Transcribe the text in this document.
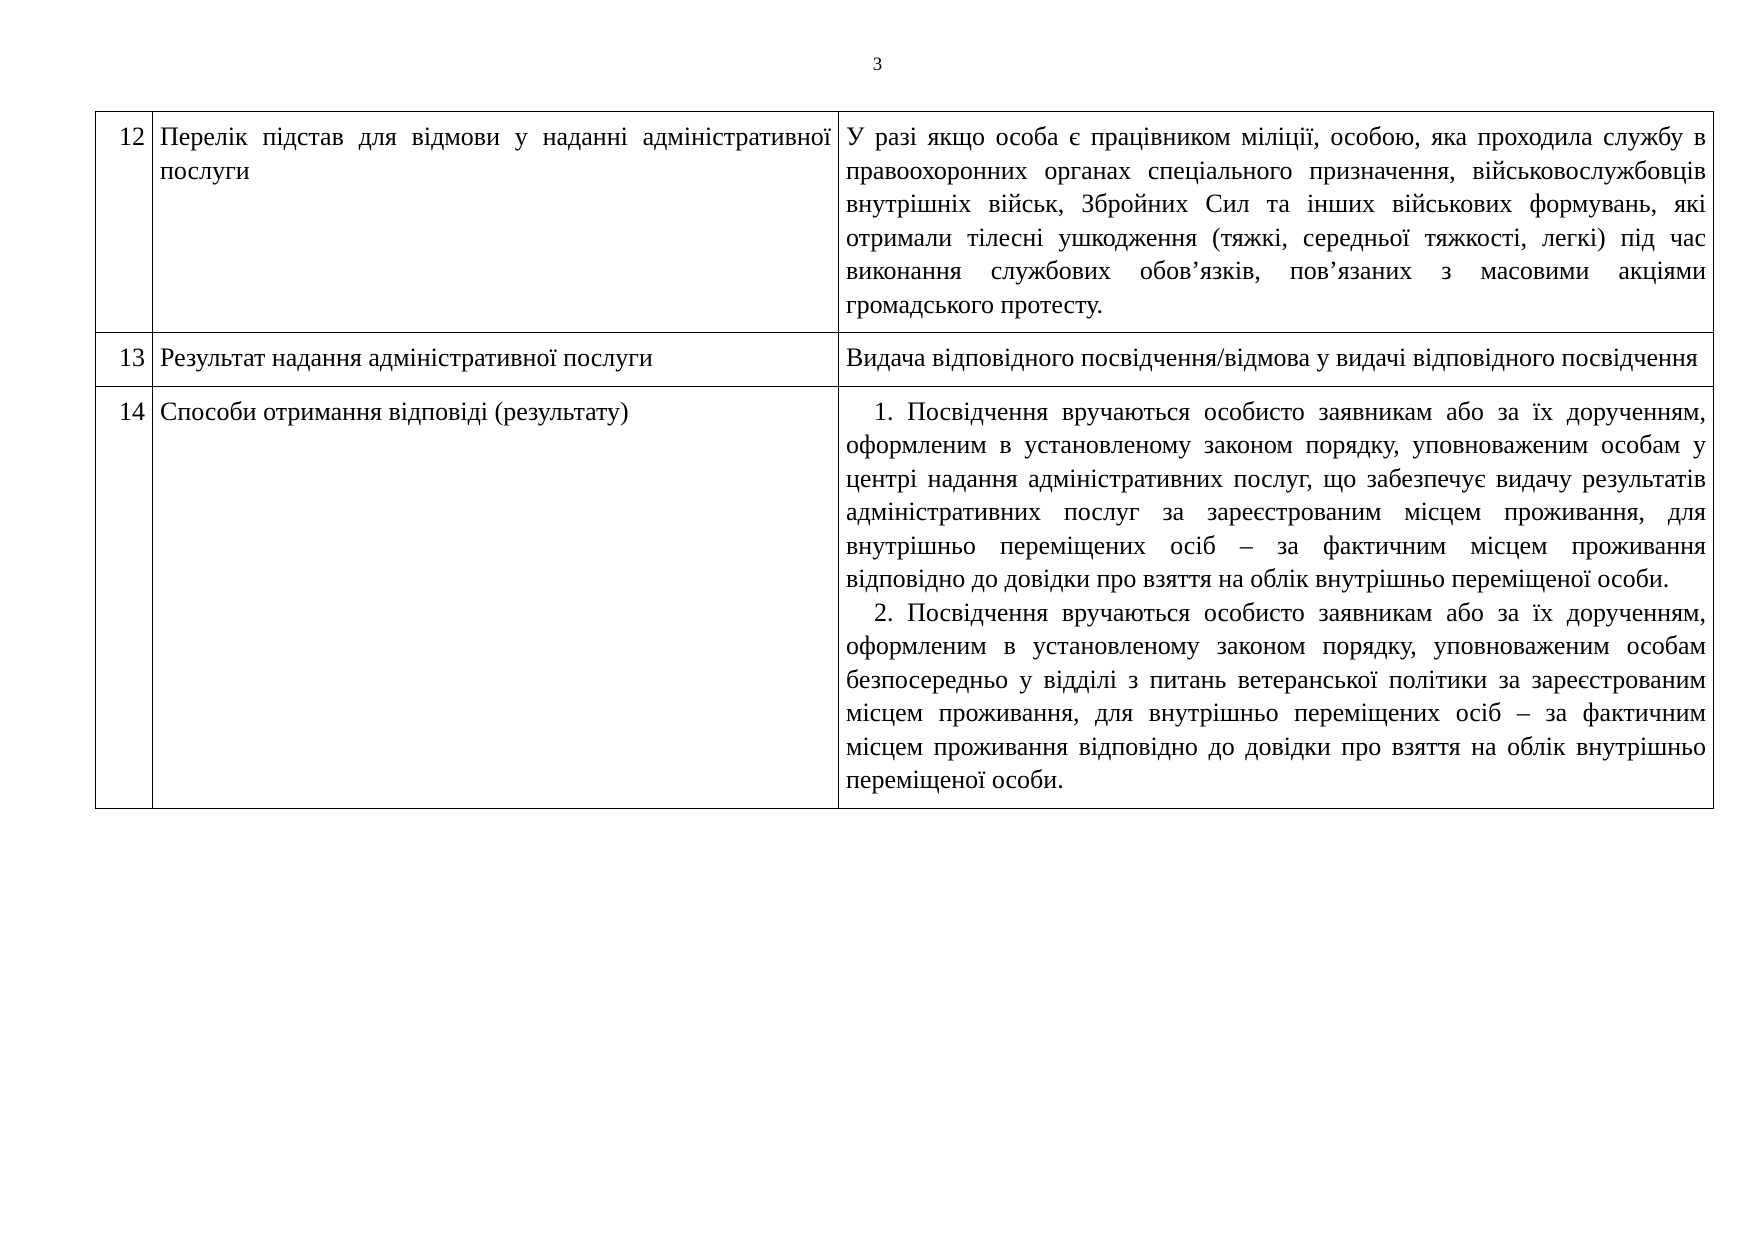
3
12	Перелік підстав для відмови у наданні адміністративної послуги	У разі якщо особа є працівником міліції, особою, яка проходила службу в правоохоронних органах спеціального призначення, військовослужбовців внутрішніх військ, Збройних Сил та інших військових формувань, які отримали тілесні ушкодження (тяжкі, середньої тяжкості, легкі) під час виконання службових обов’язків, пов’язаних з масовими акціями громадського протесту.
13	Результат надання адміністративної послуги	Видача відповідного посвідчення/відмова у видачі відповідного посвідчення
14	Способи отримання відповіді (результату)	1. Посвідчення вручаються особисто заявникам або за їх дорученням, оформленим в установленому законом порядку, уповноваженим особам у центрі надання адміністративних послуг, що забезпечує видачу результатів адміністративних послуг за зареєстрованим місцем проживання, для внутрішньо переміщених осіб – за фактичним місцем проживання відповідно до довідки про взяття на облік внутрішньо переміщеної особи.

2. Посвідчення вручаються особисто заявникам або за їх дорученням, оформленим в установленому законом порядку, уповноваженим особам безпосередньо у відділі з питань ветеранської політики за зареєстрованим місцем проживання, для внутрішньо переміщених осіб – за фактичним місцем проживання відповідно до довідки про взяття на облік внутрішньо переміщеної особи.
